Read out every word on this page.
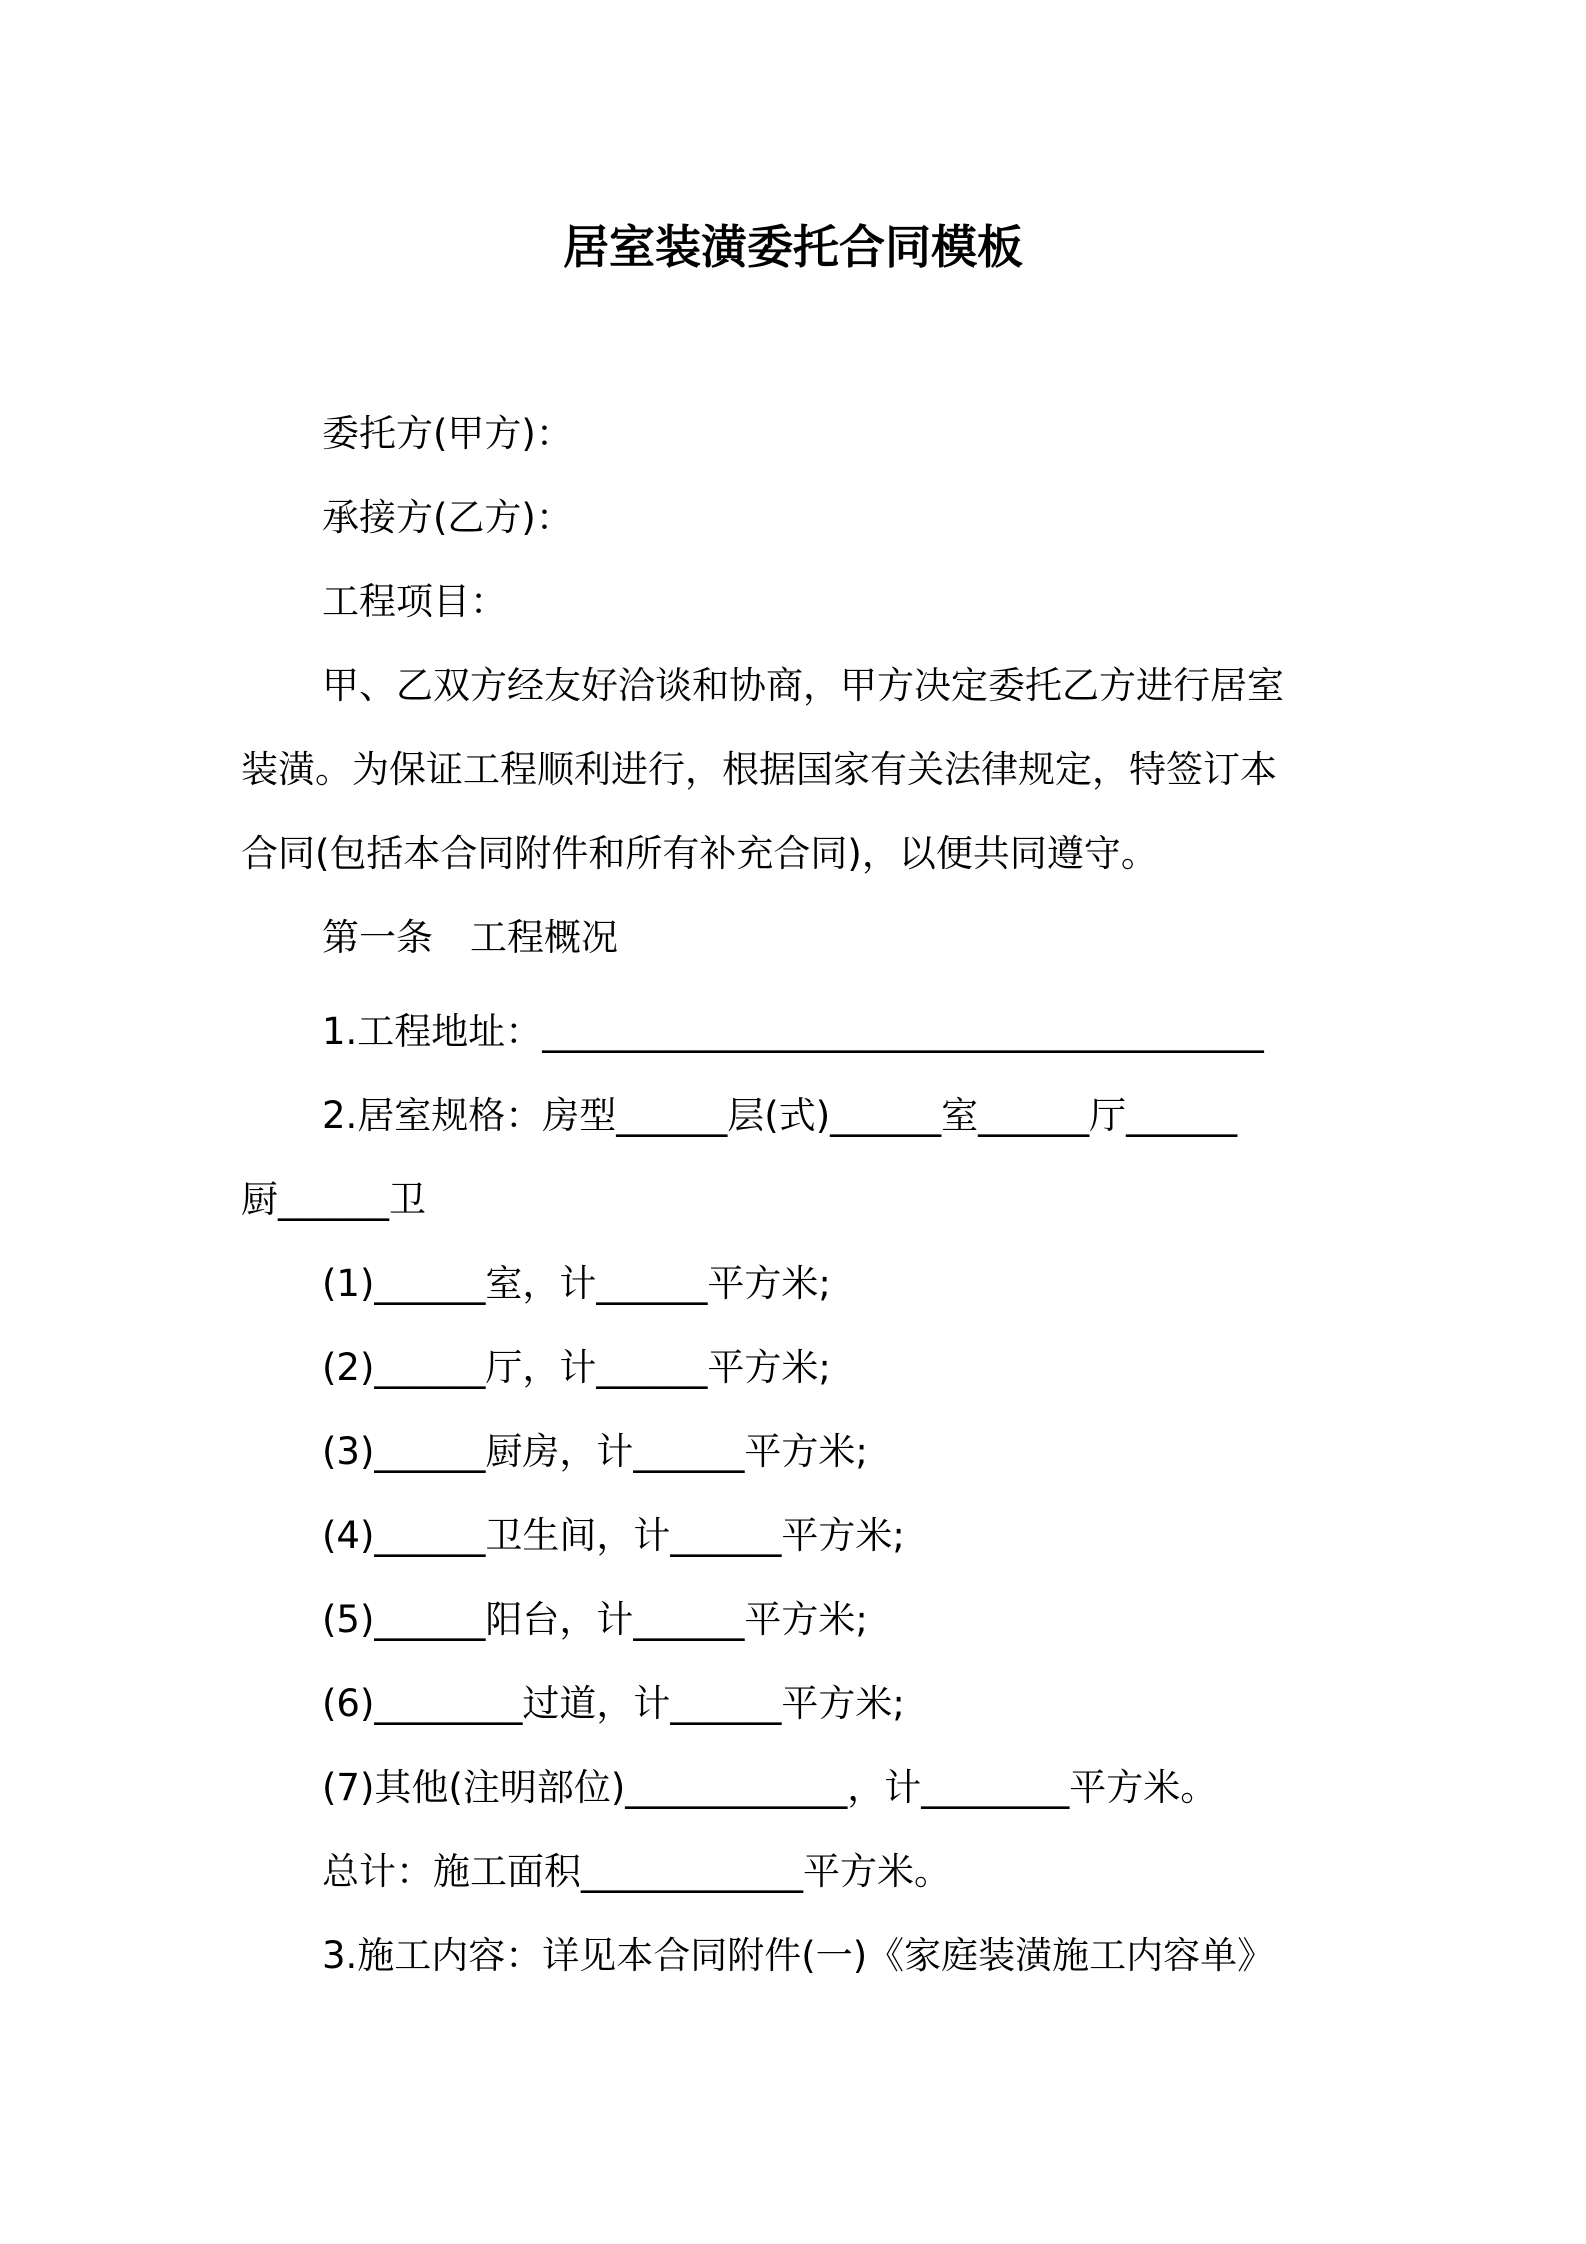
居室装潢委托合同模板
委托方(甲方)：
承接方(乙方)：
工程项目：
甲、乙双方经友好洽谈和协商，甲方决定委托乙方进行居室
装潢。为保证工程顺利进行，根据国家有关法律规定，特签订本
合同(包括本合同附件和所有补充合同)，以便共同遵守。
第一条　工程概况
1.工程地址：_______________________________________
2.居室规格：房型______层(式)______室______厅______
厨______卫
(1)______室，计______平方米;
(2)______厅，计______平方米;
(3)______厨房，计______平方米;
(4)______卫生间，计______平方米;
(5)______阳台，计______平方米;
(6)________过道，计______平方米;
(7)其他(注明部位)____________，计________平方米。
总计：施工面积____________平方米。
3.施工内容：详见本合同附件(一)《家庭装潢施工内容单》
